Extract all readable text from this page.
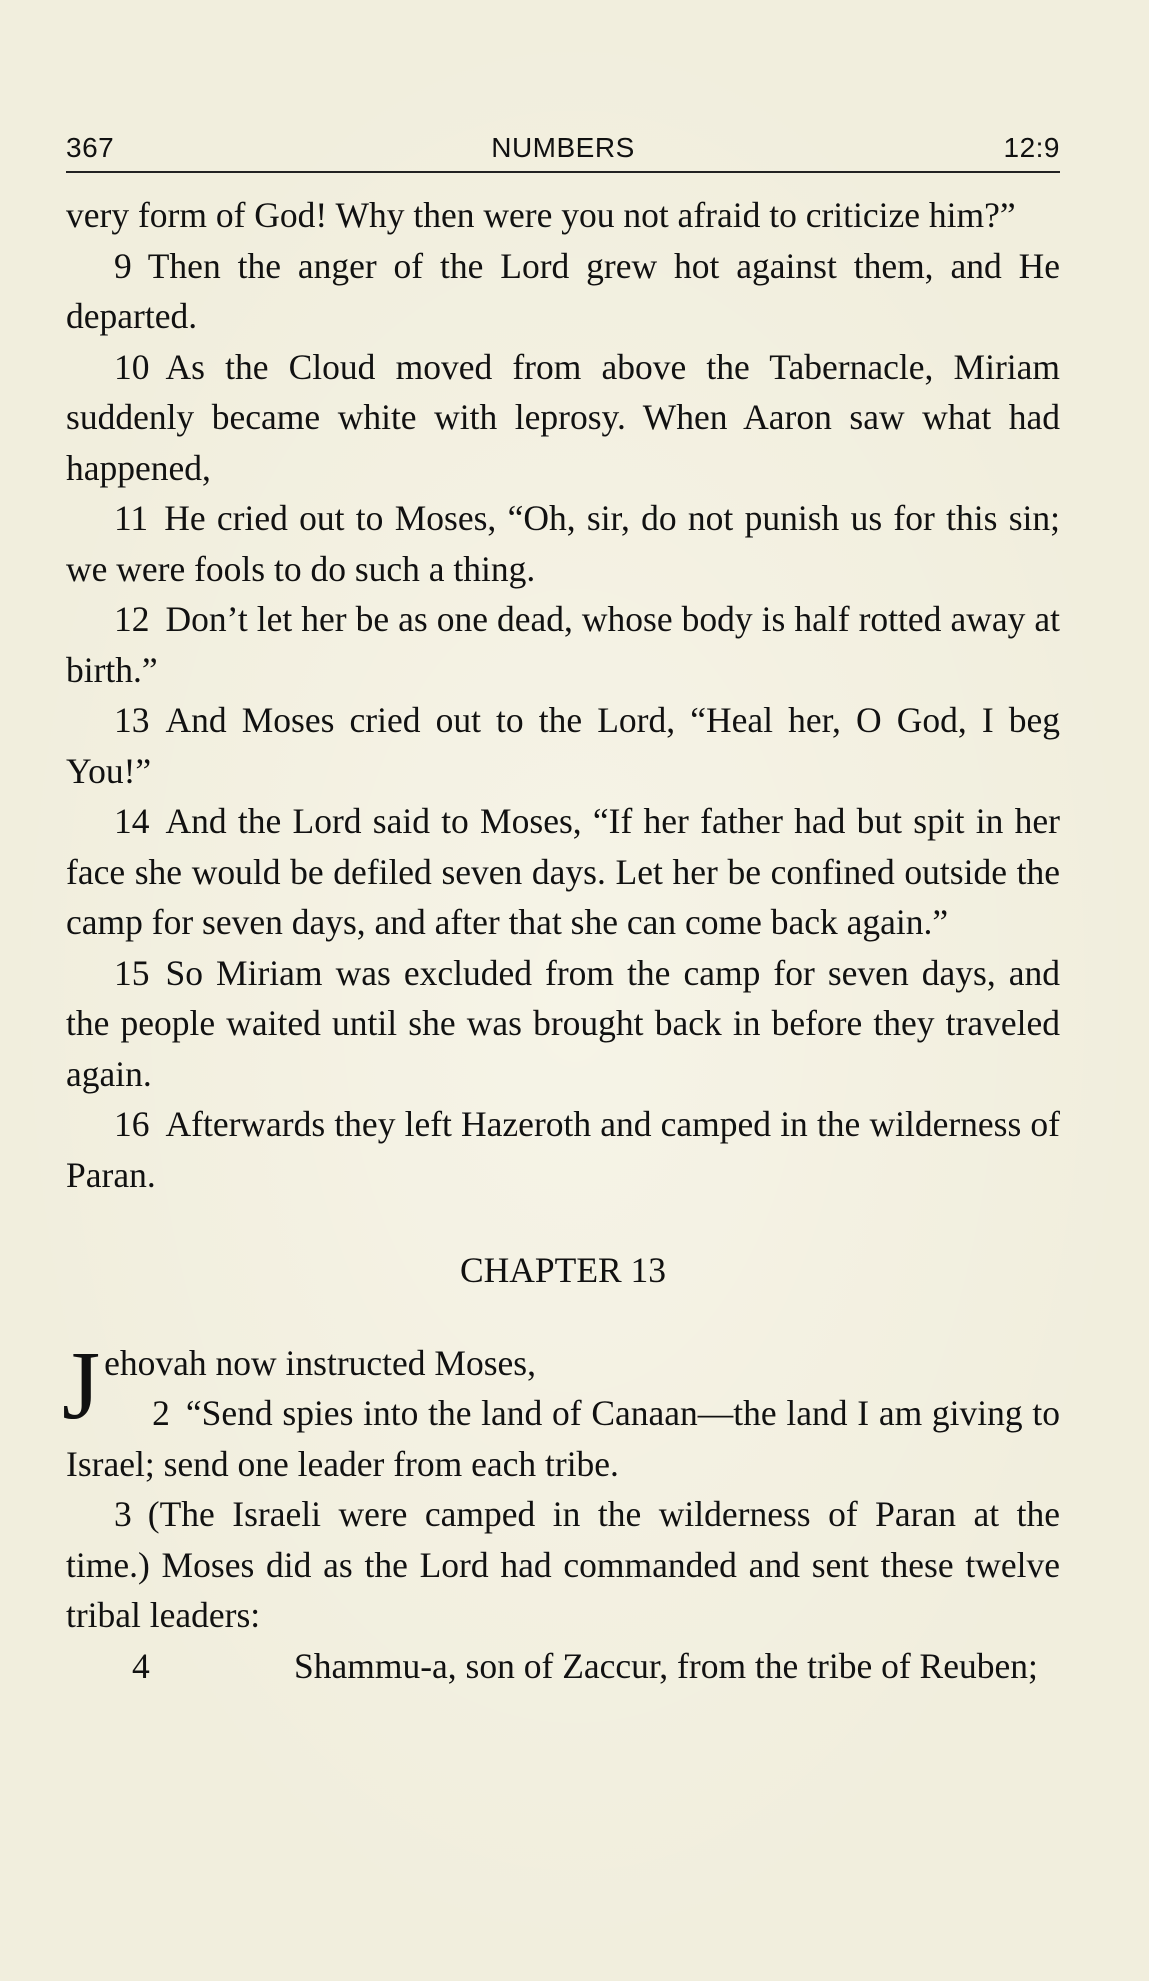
367	NUMBERS	12:9

very form of God! Why then were you not afraid to criticize him?”

9 Then the anger of the Lord grew hot against them, and He departed.

10 As the Cloud moved from above the Tabernacle, Miriam suddenly became white with leprosy. When Aaron saw what had happened,

11 He cried out to Moses, “Oh, sir, do not punish us for this sin; we were fools to do such a thing.

12 Don’t let her be as one dead, whose body is half rotted away at birth.”

13 And Moses cried out to the Lord, “Heal her, O God, I beg You!”

14 And the Lord said to Moses, “If her father had but spit in her face she would be defiled seven days. Let her be confined outside the camp for seven days, and after that she can come back again.”

15 So Miriam was excluded from the camp for seven days, and the people waited until she was brought back in before they traveled again.

16 Afterwards they left Hazeroth and camped in the wilderness of Paran.

CHAPTER 13

Jehovah now instructed Moses,

2 “Send spies into the land of Canaan—the land I am giving to Israel; send one leader from each tribe.

3 (The Israeli were camped in the wilderness of Paran at the time.) Moses did as the Lord had commanded and sent these twelve tribal leaders:

4	Shammu-a, son of Zaccur, from the tribe of Reuben;
